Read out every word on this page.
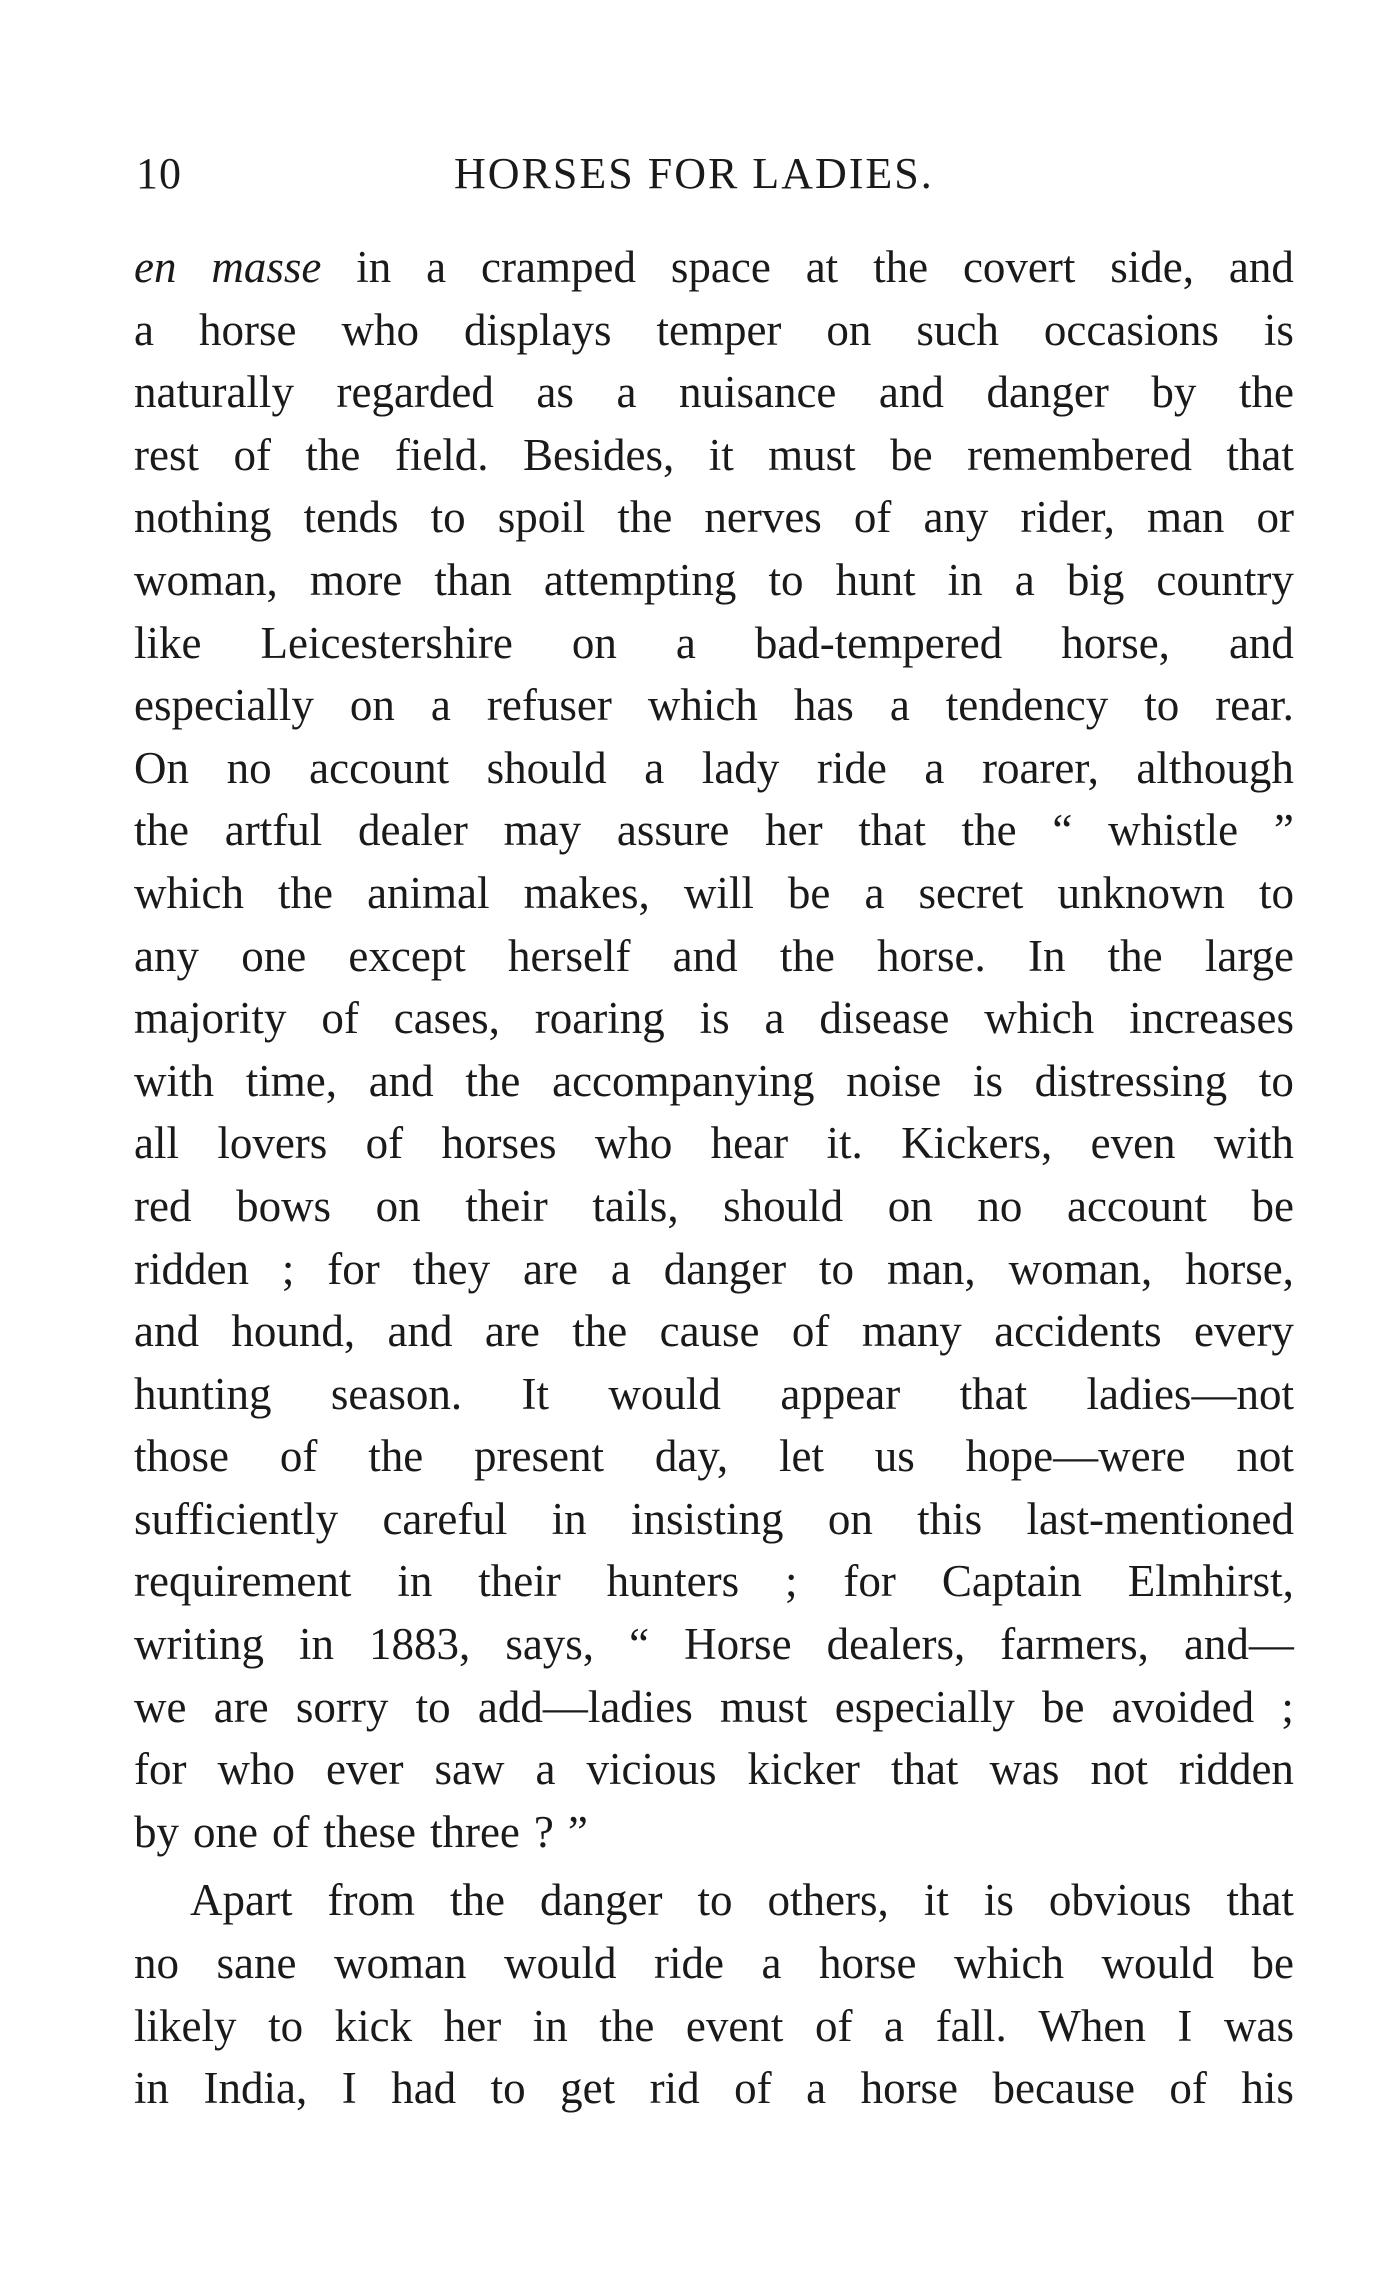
10	HORSES FOR LADIES.
en masse in a cramped space at the covert side, and
a horse who displays temper on such occasions is
naturally regarded as a nuisance and danger by the
rest of the field. Besides, it must be remembered that
nothing tends to spoil the nerves of any rider, man or
woman, more than attempting to hunt in a big country
like Leicestershire on a bad-tempered horse, and
especially on a refuser which has a tendency to rear.
On no account should a lady ride a roarer, although
the artful dealer may assure her that the “ whistle ”
which the animal makes, will be a secret unknown to
any one except herself and the horse. In the large
majority of cases, roaring is a disease which increases
with time, and the accompanying noise is distressing to
all lovers of horses who hear it. Kickers, even with
red bows on their tails, should on no account be
ridden ; for they are a danger to man, woman, horse,
and hound, and are the cause of many accidents every
hunting season. It would appear that ladies—not
those of the present day, let us hope—were not
sufficiently careful in insisting on this last-mentioned
requirement in their hunters ; for Captain Elmhirst,
writing in 1883, says, “ Horse dealers, farmers, and—
we are sorry to add—ladies must especially be avoided ;
for who ever saw a vicious kicker that was not ridden
by one of these three ? ”
Apart from the danger to others, it is obvious that
no sane woman would ride a horse which would be
likely to kick her in the event of a fall. When I was
in India, I had to get rid of a horse because of his
